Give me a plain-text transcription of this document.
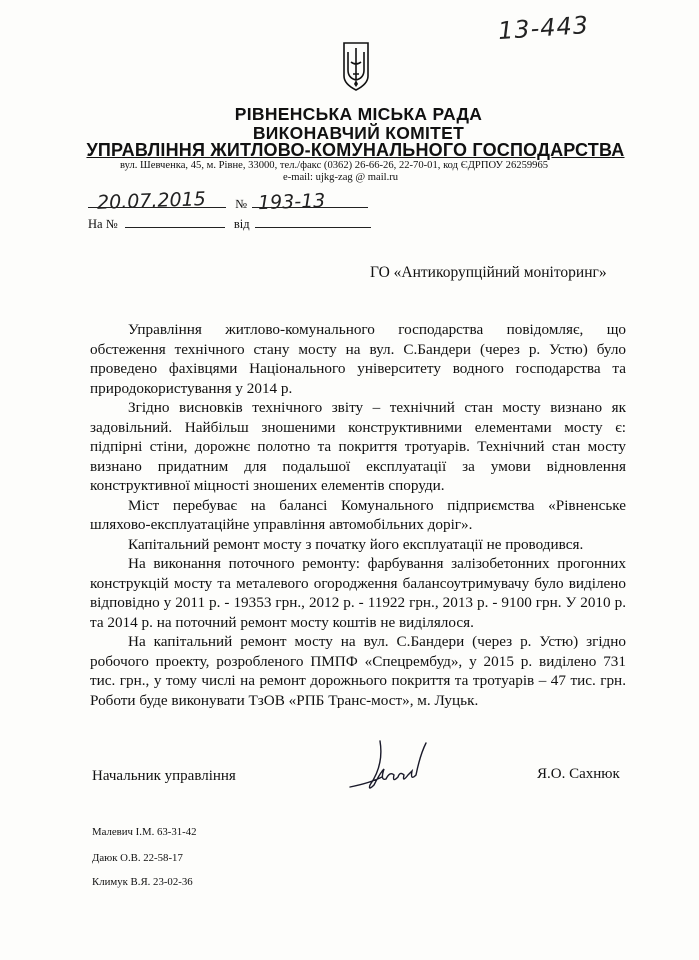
13-443
РІВНЕНСЬКА МІСЬКА РАДА
ВИКОНАВЧИЙ КОМІТЕТ
УПРАВЛІННЯ ЖИТЛОВО-КОМУНАЛЬНОГО ГОСПОДАРСТВА
вул. Шевченка, 45, м. Рівне, 33000, тел./факс (0362) 26-66-26, 22-70-01, код ЄДРПОУ 26259965
e-mail: ujkg-zag @ mail.ru
№
20.07.2015	193-13
На №	від
ГО «Антикорупційний моніторинг»

Управління житлово-комунального господарства повідомляє, що обстеження технічного стану мосту на вул. С.Бандери (через р. Устю) було проведено фахівцями Національного університету водного господарства та природокористування у 2014 р.

Згідно висновків технічного звіту – технічний стан мосту визнано як задовільний. Найбільш зношеними конструктивними елементами мосту є: підпірні стіни, дорожнє полотно та покриття тротуарів. Технічний стан мосту визнано придатним для подальшої експлуатації за умови відновлення конструктивної міцності зношених елементів споруди.

Міст перебуває на балансі Комунального підприємства «Рівненське шляхово-експлуатаційне управління автомобільних доріг».

Капітальний ремонт мосту з початку його експлуатації не проводився.

На виконання поточного ремонту: фарбування залізобетонних прогонних конструкцій мосту та металевого огородження балансоутримувачу було виділено відповідно у 2011 р. - 19353 грн., 2012 р. - 11922 грн., 2013 р. - 9100 грн. У 2010 р. та 2014 р. на поточний ремонт мосту коштів не виділялося.

На капітальний ремонт мосту на вул. С.Бандери (через р. Устю) згідно робочого проекту, розробленого ПМПФ «Спецрембуд», у 2015 р. виділено 731 тис. грн., у тому числі на ремонт дорожнього покриття та тротуарів – 47 тис. грн. Роботи буде виконувати ТзОВ «РПБ Транс-мост», м. Луцьк.

Начальник управління	Я.О. Сахнюк
Малевич І.М. 63-31-42
Даюк О.В. 22-58-17
Климук В.Я. 23-02-36
